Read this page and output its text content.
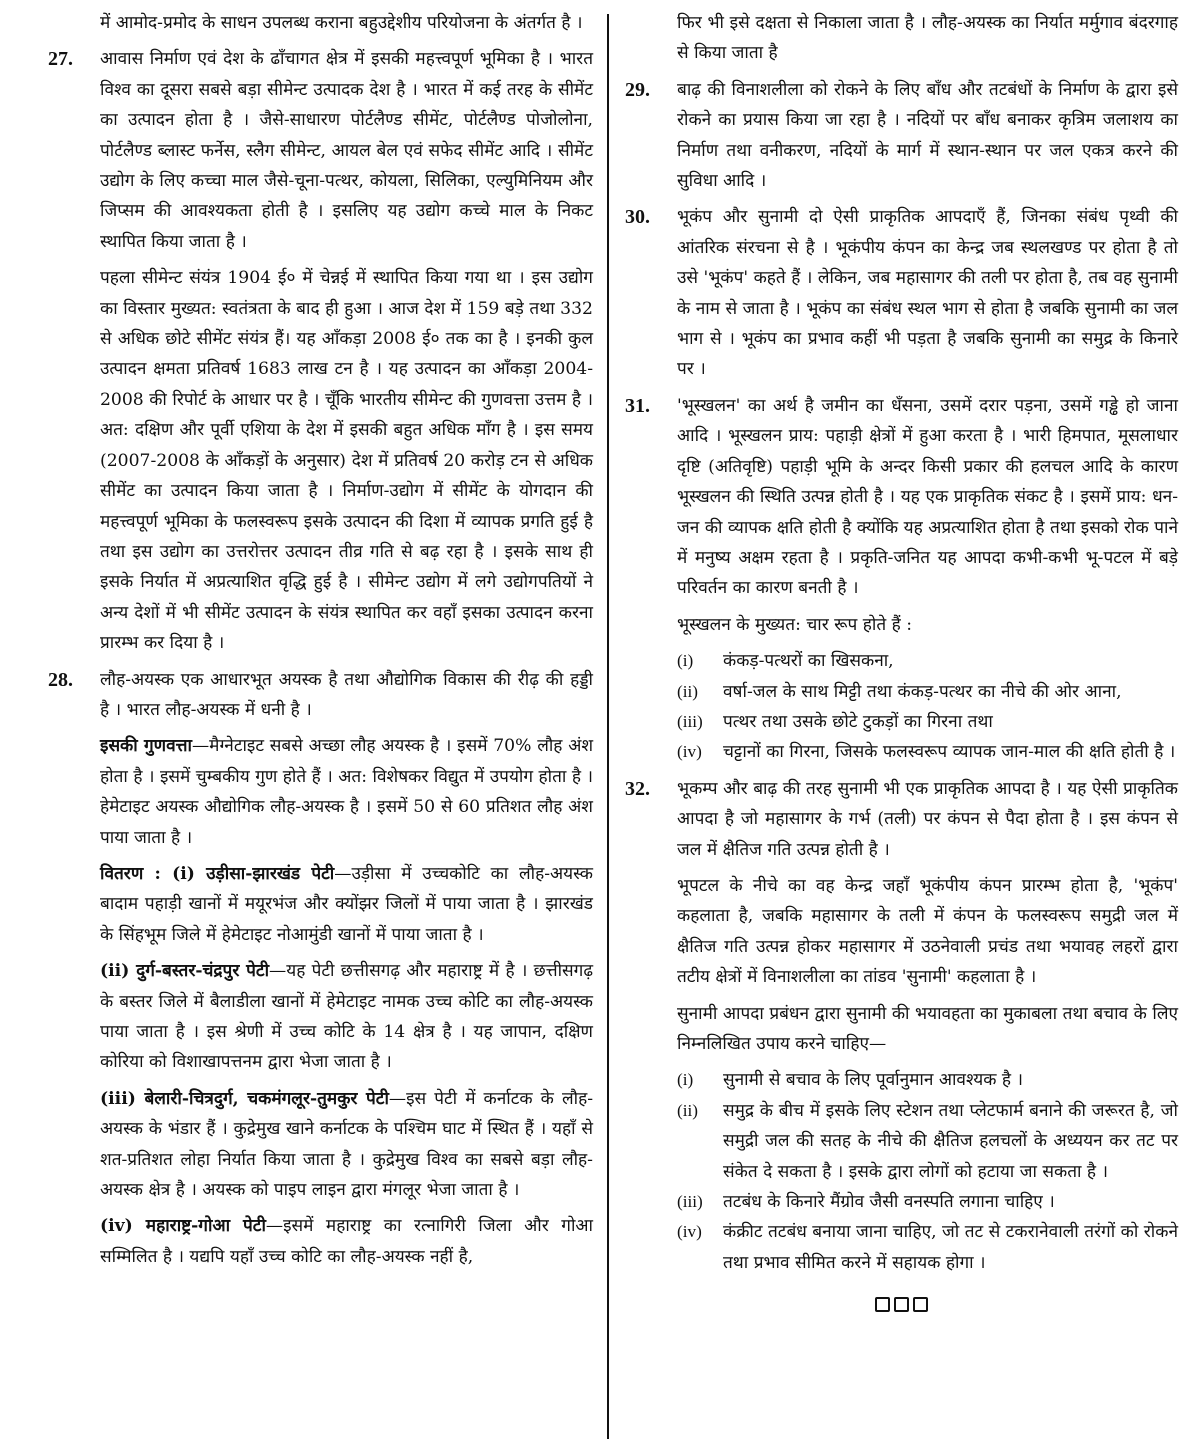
में आमोद-प्रमोद के साधन उपलब्ध कराना बहुउद्देशीय परियोजना के अंतर्गत है ।

27. आवास निर्माण एवं देश के ढाँचागत क्षेत्र में इसकी महत्त्वपूर्ण भूमिका है । भारत विश्व का दूसरा सबसे बड़ा सीमेन्ट उत्पादक देश है । भारत में कई तरह के सीमेंट का उत्पादन होता है । जैसे-साधारण पोर्टलैण्ड सीमेंट, पोर्टलैण्ड पोजोलोना, पोर्टलैण्ड ब्लास्ट फर्नेस, स्लैग सीमेन्ट, आयल बेल एवं सफेद सीमेंट आदि । सीमेंट उद्योग के लिए कच्चा माल जैसे-चूना-पत्थर, कोयला, सिलिका, एल्युमिनियम और जिप्सम की आवश्यकता होती है । इसलिए यह उद्योग कच्चे माल के निकट स्थापित किया जाता है ।

पहला सीमेन्ट संयंत्र 1904 ई० में चेन्नई में स्थापित किया गया था । इस उद्योग का विस्तार मुख्यत: स्वतंत्रता के बाद ही हुआ । आज देश में 159 बड़े तथा 332 से अधिक छोटे सीमेंट संयंत्र हैं। यह आँकड़ा 2008 ई० तक का है । इनकी कुल उत्पादन क्षमता प्रतिवर्ष 1683 लाख टन है । यह उत्पादन का आँकड़ा 2004-2008 की रिपोर्ट के आधार पर है । चूँकि भारतीय सीमेन्ट की गुणवत्ता उत्तम है । अत: दक्षिण और पूर्वी एशिया के देश में इसकी बहुत अधिक माँग है । इस समय (2007-2008 के आँकड़ों के अनुसार) देश में प्रतिवर्ष 20 करोड़ टन से अधिक सीमेंट का उत्पादन किया जाता है । निर्माण-उद्योग में सीमेंट के योगदान की महत्त्वपूर्ण भूमिका के फलस्वरूप इसके उत्पादन की दिशा में व्यापक प्रगति हुई है तथा इस उद्योग का उत्तरोत्तर उत्पादन तीव्र गति से बढ़ रहा है । इसके साथ ही इसके निर्यात में अप्रत्याशित वृद्धि हुई है । सीमेन्ट उद्योग में लगे उद्योगपतियों ने अन्य देशों में भी सीमेंट उत्पादन के संयंत्र स्थापित कर वहाँ इसका उत्पादन करना प्रारम्भ कर दिया है ।

28. लौह-अयस्क एक आधारभूत अयस्क है तथा औद्योगिक विकास की रीढ़ की हड्डी है । भारत लौह-अयस्क में धनी है ।

इसकी गुणवत्ता—मैग्नेटाइट सबसे अच्छा लौह अयस्क है । इसमें 70% लौह अंश होता है । इसमें चुम्बकीय गुण होते हैं । अत: विशेषकर विद्युत में उपयोग होता है । हेमेटाइट अयस्क औद्योगिक लौह-अयस्क है । इसमें 50 से 60 प्रतिशत लौह अंश पाया जाता है ।

वितरण : (i) उड़ीसा-झारखंड पेटी—उड़ीसा में उच्चकोटि का लौह-अयस्क बादाम पहाड़ी खानों में मयूरभंज और क्योंझर जिलों में पाया जाता है । झारखंड के सिंहभूम जिले में हेमेटाइट नोआमुंडी खानों में पाया जाता है ।

(ii) दुर्ग-बस्तर-चंद्रपुर पेटी—यह पेटी छत्तीसगढ़ और महाराष्ट्र में है । छत्तीसगढ़ के बस्तर जिले में बैलाडीला खानों में हेमेटाइट नामक उच्च कोटि का लौह-अयस्क पाया जाता है । इस श्रेणी में उच्च कोटि के 14 क्षेत्र है । यह जापान, दक्षिण कोरिया को विशाखापत्तनम द्वारा भेजा जाता है ।

(iii) बेलारी-चित्रदुर्ग, चकमंगलूर-तुमकुर पेटी—इस पेटी में कर्नाटक के लौह-अयस्क के भंडार हैं । कुद्रेमुख खाने कर्नाटक के पश्चिम घाट में स्थित हैं । यहाँ से शत-प्रतिशत लोहा निर्यात किया जाता है । कुद्रेमुख विश्व का सबसे बड़ा लौह-अयस्क क्षेत्र है । अयस्क को पाइप लाइन द्वारा मंगलूर भेजा जाता है ।

(iv) महाराष्ट्र-गोआ पेटी—इसमें महाराष्ट्र का रत्नागिरी जिला और गोआ सम्मिलित है । यद्यपि यहाँ उच्च कोटि का लौह-अयस्क नहीं है,

फिर भी इसे दक्षता से निकाला जाता है । लौह-अयस्क का निर्यात मर्मुगाव बंदरगाह से किया जाता है

29. बाढ़ की विनाशलीला को रोकने के लिए बाँध और तटबंधों के निर्माण के द्वारा इसे रोकने का प्रयास किया जा रहा है । नदियों पर बाँध बनाकर कृत्रिम जलाशय का निर्माण तथा वनीकरण, नदियों के मार्ग में स्थान-स्थान पर जल एकत्र करने की सुविधा आदि ।

30. भूकंप और सुनामी दो ऐसी प्राकृतिक आपदाएँ हैं, जिनका संबंध पृथ्वी की आंतरिक संरचना से है । भूकंपीय कंपन का केन्द्र जब स्थलखण्ड पर होता है तो उसे 'भूकंप' कहते हैं । लेकिन, जब महासागर की तली पर होता है, तब वह सुनामी के नाम से जाता है । भूकंप का संबंध स्थल भाग से होता है जबकि सुनामी का जल भाग से । भूकंप का प्रभाव कहीं भी पड़ता है जबकि सुनामी का समुद्र के किनारे पर ।

31. 'भूस्खलन' का अर्थ है जमीन का धँसना, उसमें दरार पड़ना, उसमें गड्ढे हो जाना आदि । भूस्खलन प्राय: पहाड़ी क्षेत्रों में हुआ करता है । भारी हिमपात, मूसलाधार दृष्टि (अतिवृष्टि) पहाड़ी भूमि के अन्दर किसी प्रकार की हलचल आदि के कारण भूस्खलन की स्थिति उत्पन्न होती है । यह एक प्राकृतिक संकट है । इसमें प्राय: धन-जन की व्यापक क्षति होती है क्योंकि यह अप्रत्याशित होता है तथा इसको रोक पाने में मनुष्य अक्षम रहता है । प्रकृति-जनित यह आपदा कभी-कभी भू-पटल में बड़े परिवर्तन का कारण बनती है ।

भूस्खलन के मुख्यत: चार रूप होते हैं :

(i) कंकड़-पत्थरों का खिसकना,
(ii) वर्षा-जल के साथ मिट्टी तथा कंकड़-पत्थर का नीचे की ओर आना,
(iii) पत्थर तथा उसके छोटे टुकड़ों का गिरना तथा
(iv) चट्टानों का गिरना, जिसके फलस्वरूप व्यापक जान-माल की क्षति होती है ।
32. भूकम्प और बाढ़ की तरह सुनामी भी एक प्राकृतिक आपदा है । यह ऐसी प्राकृतिक आपदा है जो महासागर के गर्भ (तली) पर कंपन से पैदा होता है । इस कंपन से जल में क्षैतिज गति उत्पन्न होती है ।

भूपटल के नीचे का वह केन्द्र जहाँ भूकंपीय कंपन प्रारम्भ होता है, 'भूकंप' कहलाता है, जबकि महासागर के तली में कंपन के फलस्वरूप समुद्री जल में क्षैतिज गति उत्पन्न होकर महासागर में उठनेवाली प्रचंड तथा भयावह लहरों द्वारा तटीय क्षेत्रों में विनाशलीला का तांडव 'सुनामी' कहलाता है ।

सुनामी आपदा प्रबंधन द्वारा सुनामी की भयावहता का मुकाबला तथा बचाव के लिए निम्नलिखित उपाय करने चाहिए—

(i) सुनामी से बचाव के लिए पूर्वानुमान आवश्यक है ।
(ii) समुद्र के बीच में इसके लिए स्टेशन तथा प्लेटफार्म बनाने की जरूरत है, जो समुद्री जल की सतह के नीचे की क्षैतिज हलचलों के अध्ययन कर तट पर संकेत दे सकता है । इसके द्वारा लोगों को हटाया जा सकता है ।
(iii) तटबंध के किनारे मैंग्रोव जैसी वनस्पति लगाना चाहिए ।
(iv) कंक्रीट तटबंध बनाया जाना चाहिए, जो तट से टकरानेवाली तरंगों को रोकने तथा प्रभाव सीमित करने में सहायक होगा ।
